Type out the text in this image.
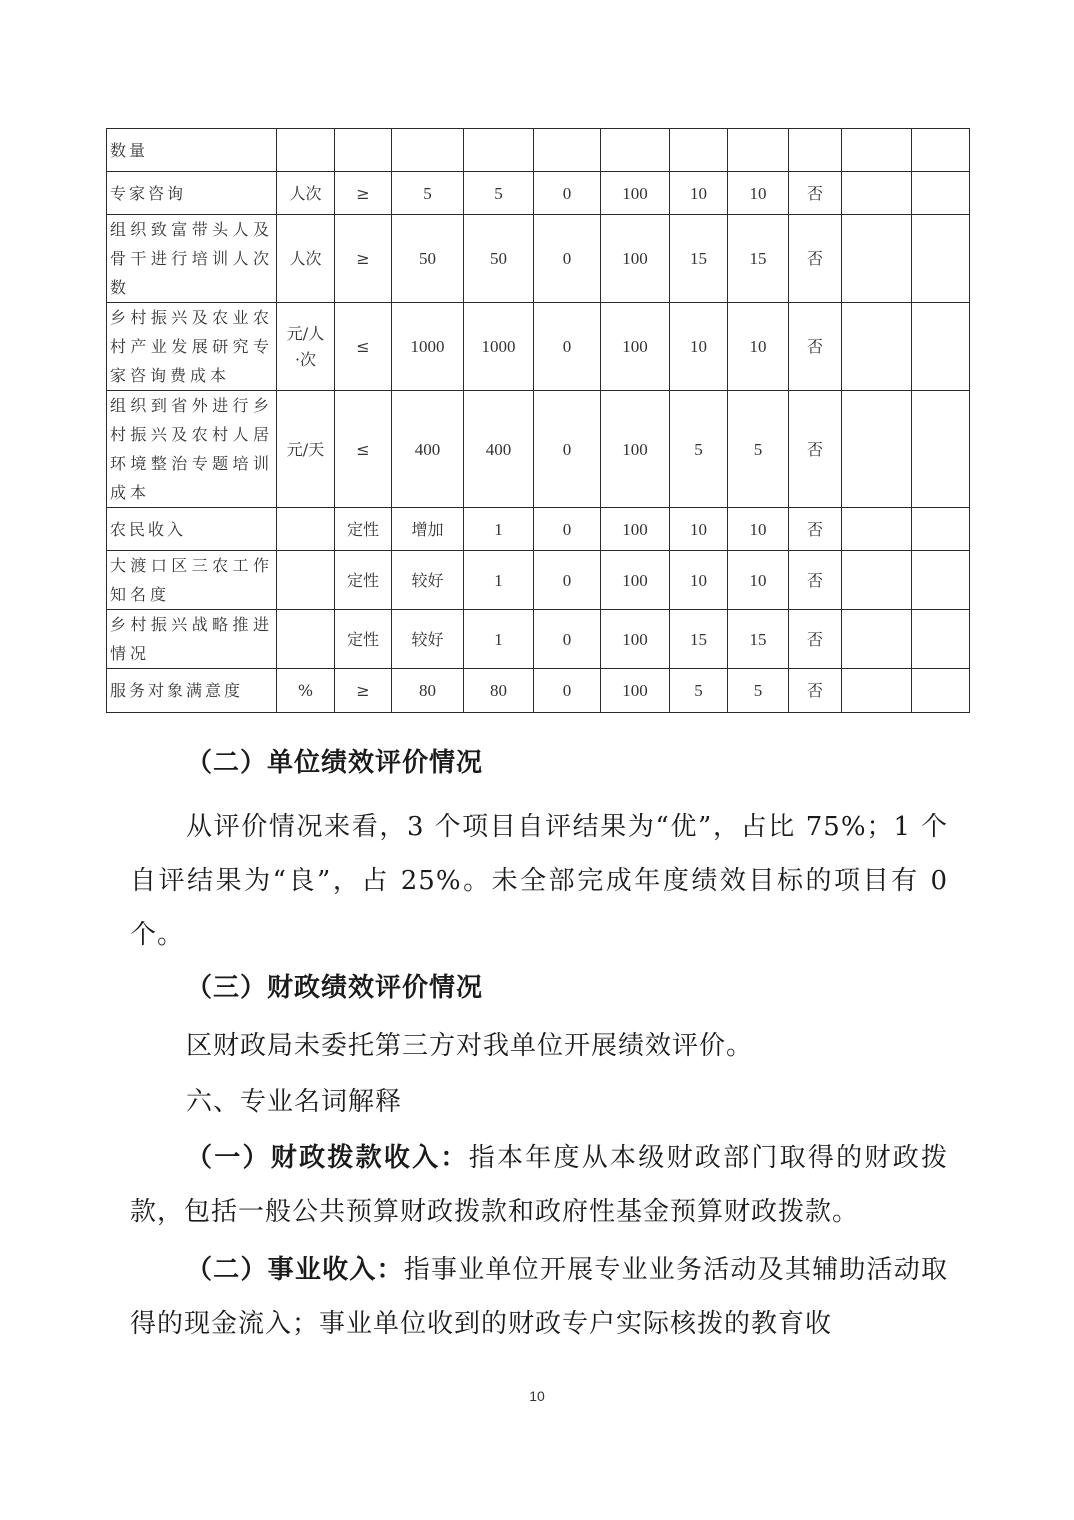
数量											
专家咨询	人次	≥	5	5	0	100	10	10	否		
组织致富带头人及骨干进行培训人次数	人次	≥	50	50	0	100	15	15	否		
乡村振兴及农业农村产业发展研究专家咨询费成本	元/人·次	≤	1000	1000	0	100	10	10	否		
组织到省外进行乡村振兴及农村人居环境整治专题培训成本	元/天	≤	400	400	0	100	5	5	否		
农民收入		定性	增加	1	0	100	10	10	否		
大渡口区三农工作知名度		定性	较好	1	0	100	10	10	否		
乡村振兴战略推进情况		定性	较好	1	0	100	15	15	否		
服务对象满意度	%	≥	80	80	0	100	5	5	否		
（二）单位绩效评价情况
从评价情况来看，3 个项目自评结果为“优”，占比 75%；1 个自评结果为“良”，占 25%。未全部完成年度绩效目标的项目有 0 个。
（三）财政绩效评价情况
区财政局未委托第三方对我单位开展绩效评价。
六、专业名词解释
（一）财政拨款收入：指本年度从本级财政部门取得的财政拨款，包括一般公共预算财政拨款和政府性基金预算财政拨款。
（二）事业收入：指事业单位开展专业业务活动及其辅助活动取得的现金流入；事业单位收到的财政专户实际核拨的教育收
10
